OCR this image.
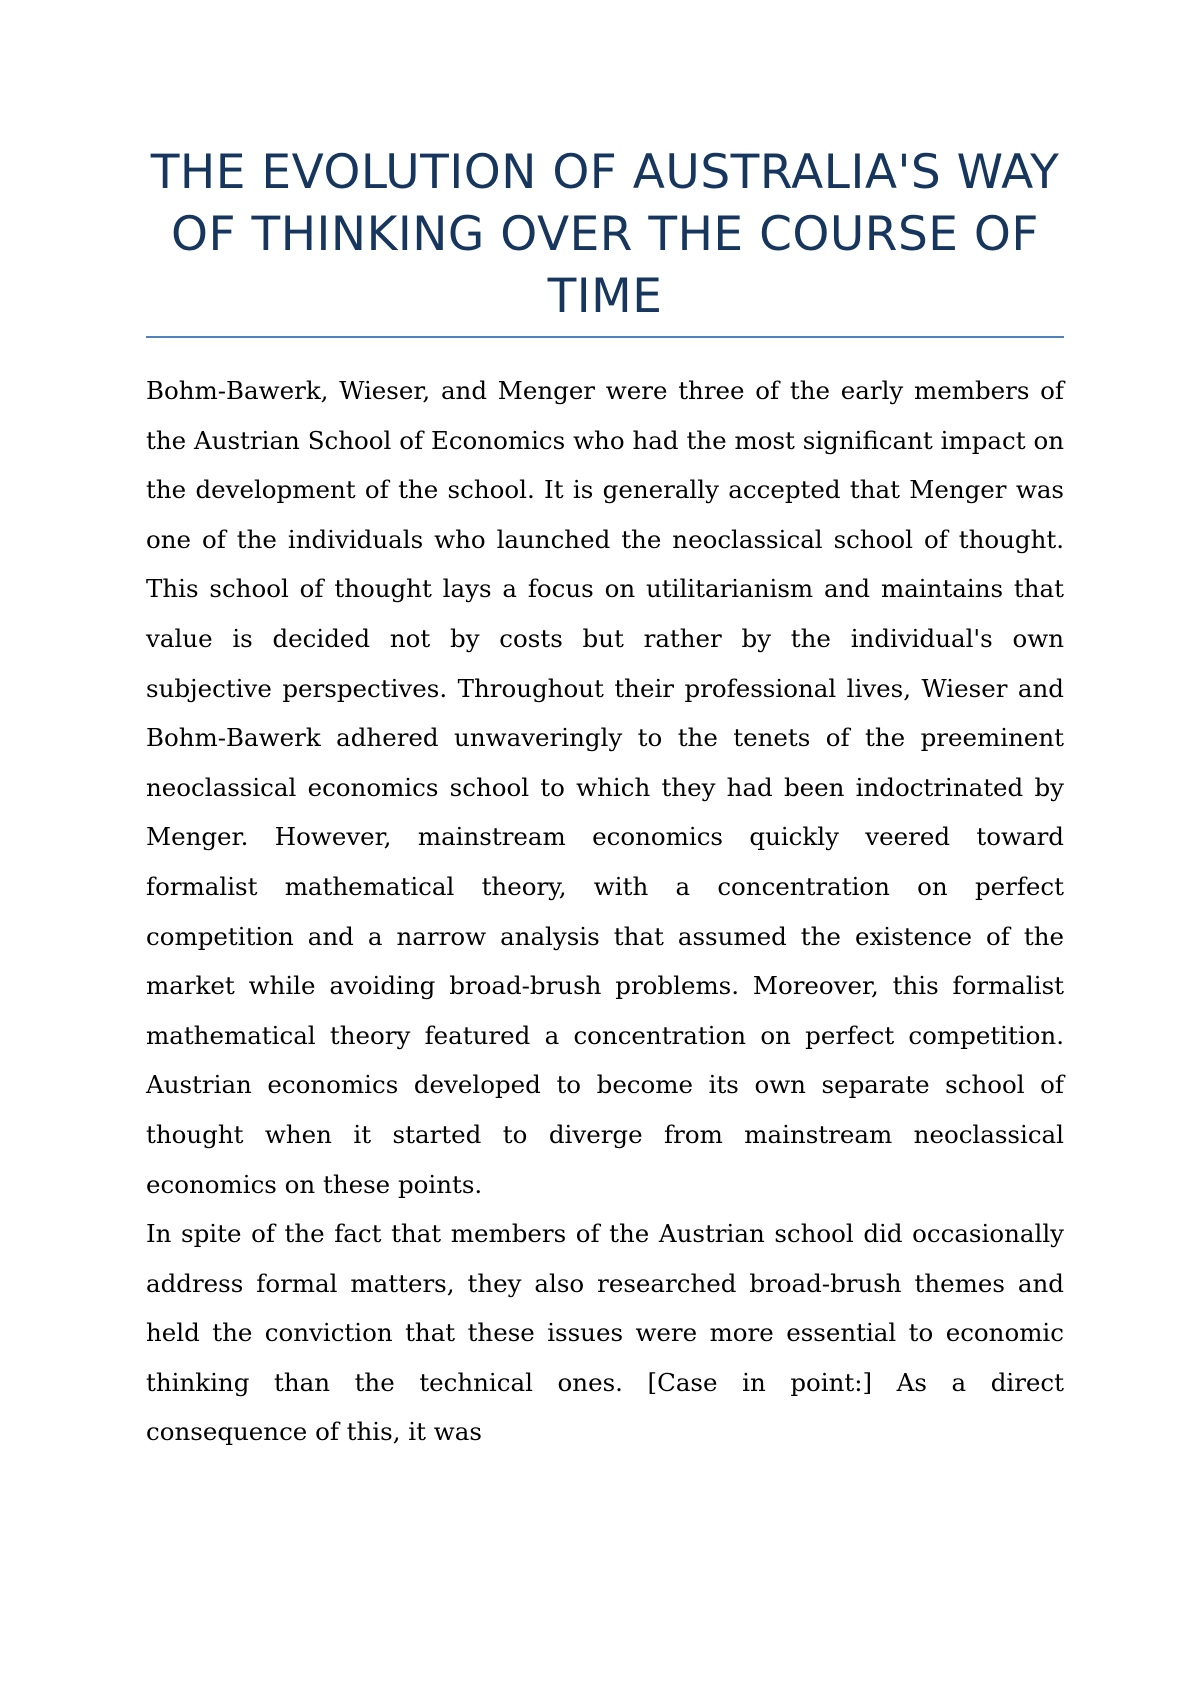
THE EVOLUTION OF AUSTRALIA'S WAY OF THINKING OVER THE COURSE OF TIME

Bohm-Bawerk, Wieser, and Menger were three of the early members of the Austrian School of Economics who had the most significant impact on the development of the school. It is generally accepted that Menger was one of the individuals who launched the neoclassical school of thought. This school of thought lays a focus on utilitarianism and maintains that value is decided not by costs but rather by the individual's own subjective perspectives. Throughout their professional lives, Wieser and Bohm-Bawerk adhered unwaveringly to the tenets of the preeminent neoclassical economics school to which they had been indoctrinated by Menger. However, mainstream economics quickly veered toward formalist mathematical theory, with a concentration on perfect competition and a narrow analysis that assumed the existence of the market while avoiding broad-brush problems. Moreover, this formalist mathematical theory featured a concentration on perfect competition. Austrian economics developed to become its own separate school of thought when it started to diverge from mainstream neoclassical economics on these points.

In spite of the fact that members of the Austrian school did occasionally address formal matters, they also researched broad-brush themes and held the conviction that these issues were more essential to economic thinking than the technical ones. [Case in point:] As a direct consequence of this, it was
